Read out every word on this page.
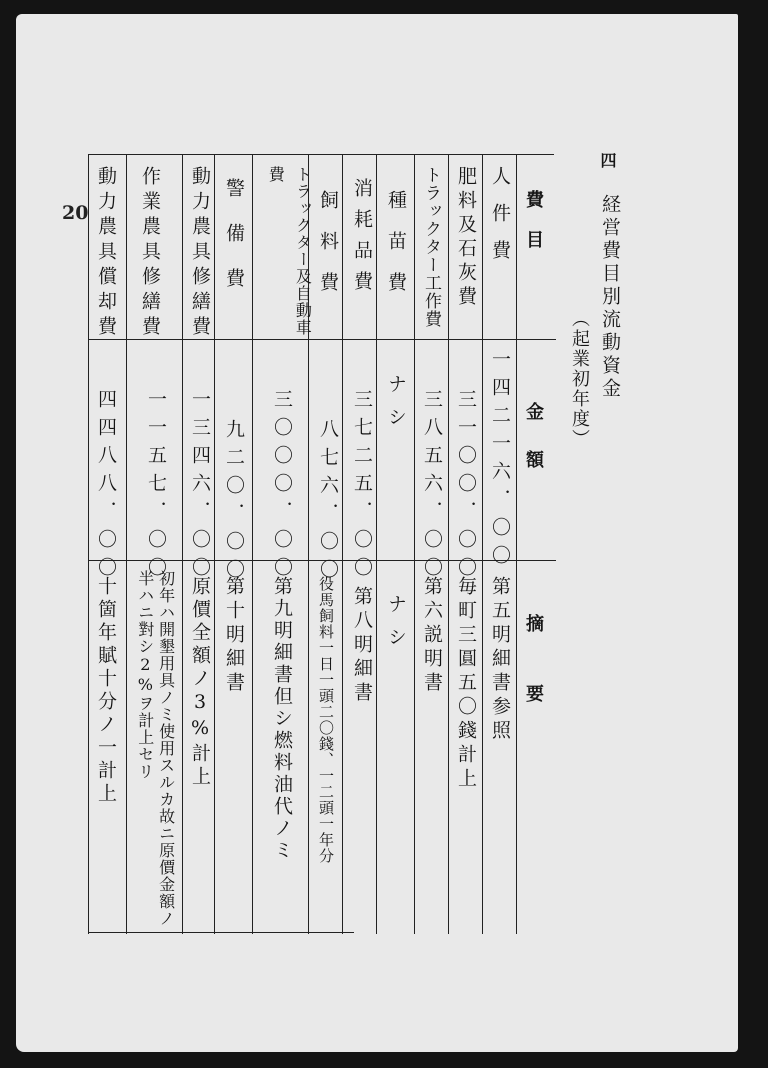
20
四
経営費目別流動資金
（起業初年度）
費目
金額
摘要
人件費
一四二一六．〇〇
第五明細書参照
肥料及石灰費
三一〇〇．〇〇
毎町三圓五〇錢計上
トラックター工作費
三八五六．〇〇
第六説明書
種苗費
ナシ
ナシ
消耗品費
三七二五．〇〇
第八明細書
飼料費
八七六．〇〇
役馬飼料一日一頭二〇錢、一二頭一年分
トラックター及自動車費
三〇〇〇．〇〇
第九明細書但シ燃料油代ノミ
警備費
九二〇．〇〇
第十明細書
動力農具修繕費
一三四六．〇〇
原價全額ノ3%計上
作業農具修繕費
一一五七．〇〇
初年ハ開墾用具ノミ使用スルカ故ニ原價金額ノ半ハニ對シ2%ヲ計上セリ
動力農具償却費
四四八八．〇〇
十箇年賦十分ノ一計上
